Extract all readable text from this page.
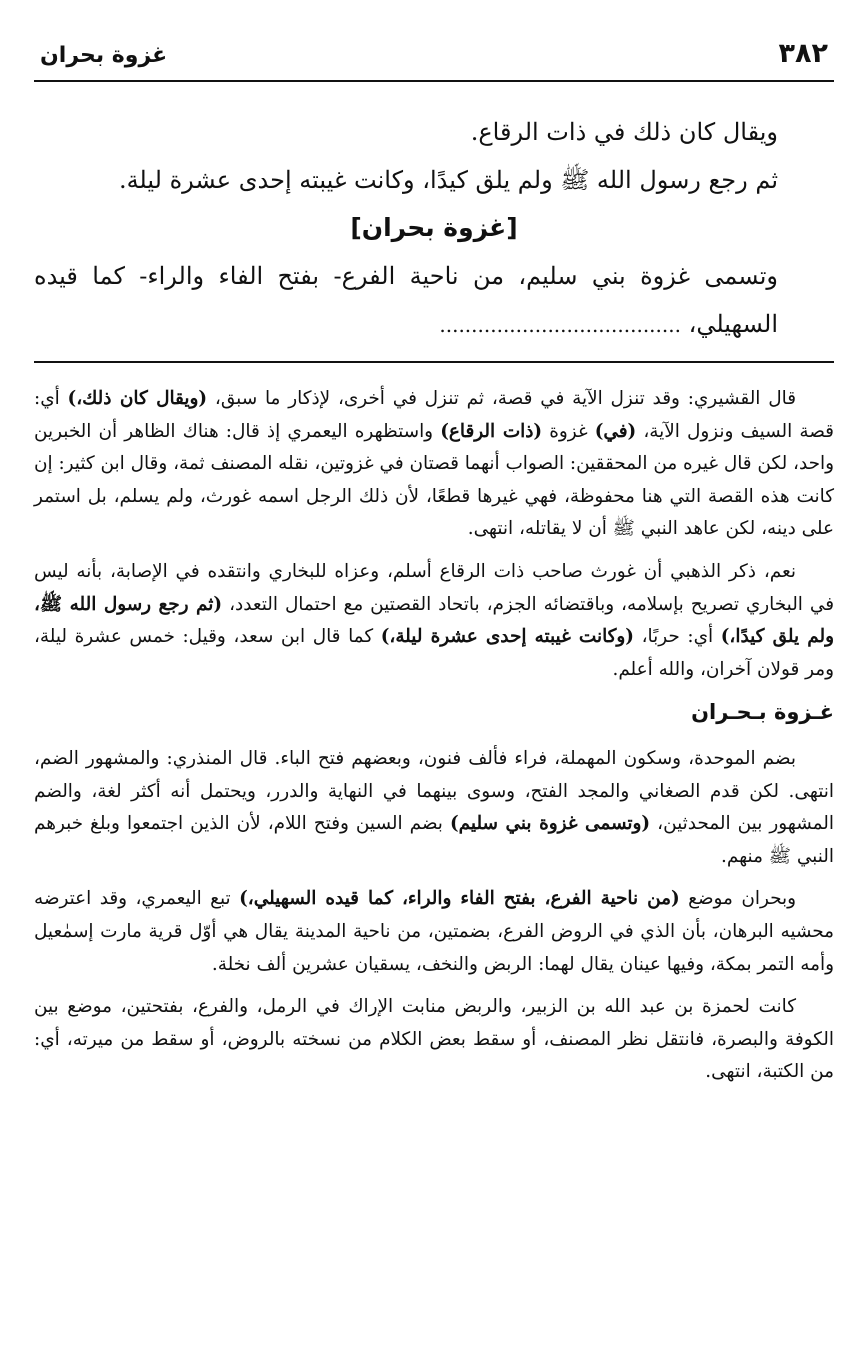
٣٨٢
غزوة بحران

ويقال كان ذلك في ذات الرقاع.

ثم رجع رسول الله ﷺ ولم يلق كيدًا، وكانت غيبته إحدى عشرة ليلة.

[غزوة بحران]

وتسمى غزوة بني سليم، من ناحية الفرع- بفتح الفاء والراء- كما قيده السهيلي، ......................................

قال القشيري: وقد تنزل الآية في قصة، ثم تنزل في أخرى، لإذكار ما سبق، (ويقال كان ذلك،) أي: قصة السيف ونزول الآية، (في) غزوة (ذات الرقاع) واستظهره اليعمري إذ قال: هناك الظاهر أن الخبرين واحد، لكن قال غيره من المحققين: الصواب أنهما قصتان في غزوتين، نقله المصنف ثمة، وقال ابن كثير: إن كانت هذه القصة التي هنا محفوظة، فهي غيرها قطعًا، لأن ذلك الرجل اسمه غورث، ولم يسلم، بل استمر على دينه، لكن عاهد النبي ﷺ أن لا يقاتله، انتهى.

نعم، ذكر الذهبي أن غورث صاحب ذات الرقاع أسلم، وعزاه للبخاري وانتقده في الإصابة، بأنه ليس في البخاري تصريح بإسلامه، وباقتضائه الجزم، باتحاد القصتين مع احتمال التعدد، (ثم رجع رسول الله ﷺ، ولم يلق كيدًا،) أي: حربًا، (وكانت غيبته إحدى عشرة ليلة،) كما قال ابن سعد، وقيل: خمس عشرة ليلة، ومر قولان آخران، والله أعلم.

غـزوة بـحـران

بضم الموحدة، وسكون المهملة، فراء فألف فنون، وبعضهم فتح الباء. قال المنذري: والمشهور الضم، انتهى. لكن قدم الصغاني والمجد الفتح، وسوى بينهما في النهاية والدرر، ويحتمل أنه أكثر لغة، والضم المشهور بين المحدثين، (وتسمى غزوة بني سليم) بضم السين وفتح اللام، لأن الذين اجتمعوا وبلغ خبرهم النبي ﷺ منهم.

وبحران موضع (من ناحية الفرع، بفتح الفاء والراء، كما قيده السهيلي،) تبع اليعمري، وقد اعترضه محشيه البرهان، بأن الذي في الروض الفرع، بضمتين، من ناحية المدينة يقال هي أوّل قرية مارت إسمٰعيل وأمه التمر بمكة، وفيها عينان يقال لهما: الربض والنخف، يسقيان عشرين ألف نخلة.

كانت لحمزة بن عبد الله بن الزبير، والربض منابت الإراك في الرمل، والفرع، بفتحتين، موضع بين الكوفة والبصرة، فانتقل نظر المصنف، أو سقط بعض الكلام من نسخته بالروض، أو سقط من ميرته، أي: من الكتبة، انتهى.
